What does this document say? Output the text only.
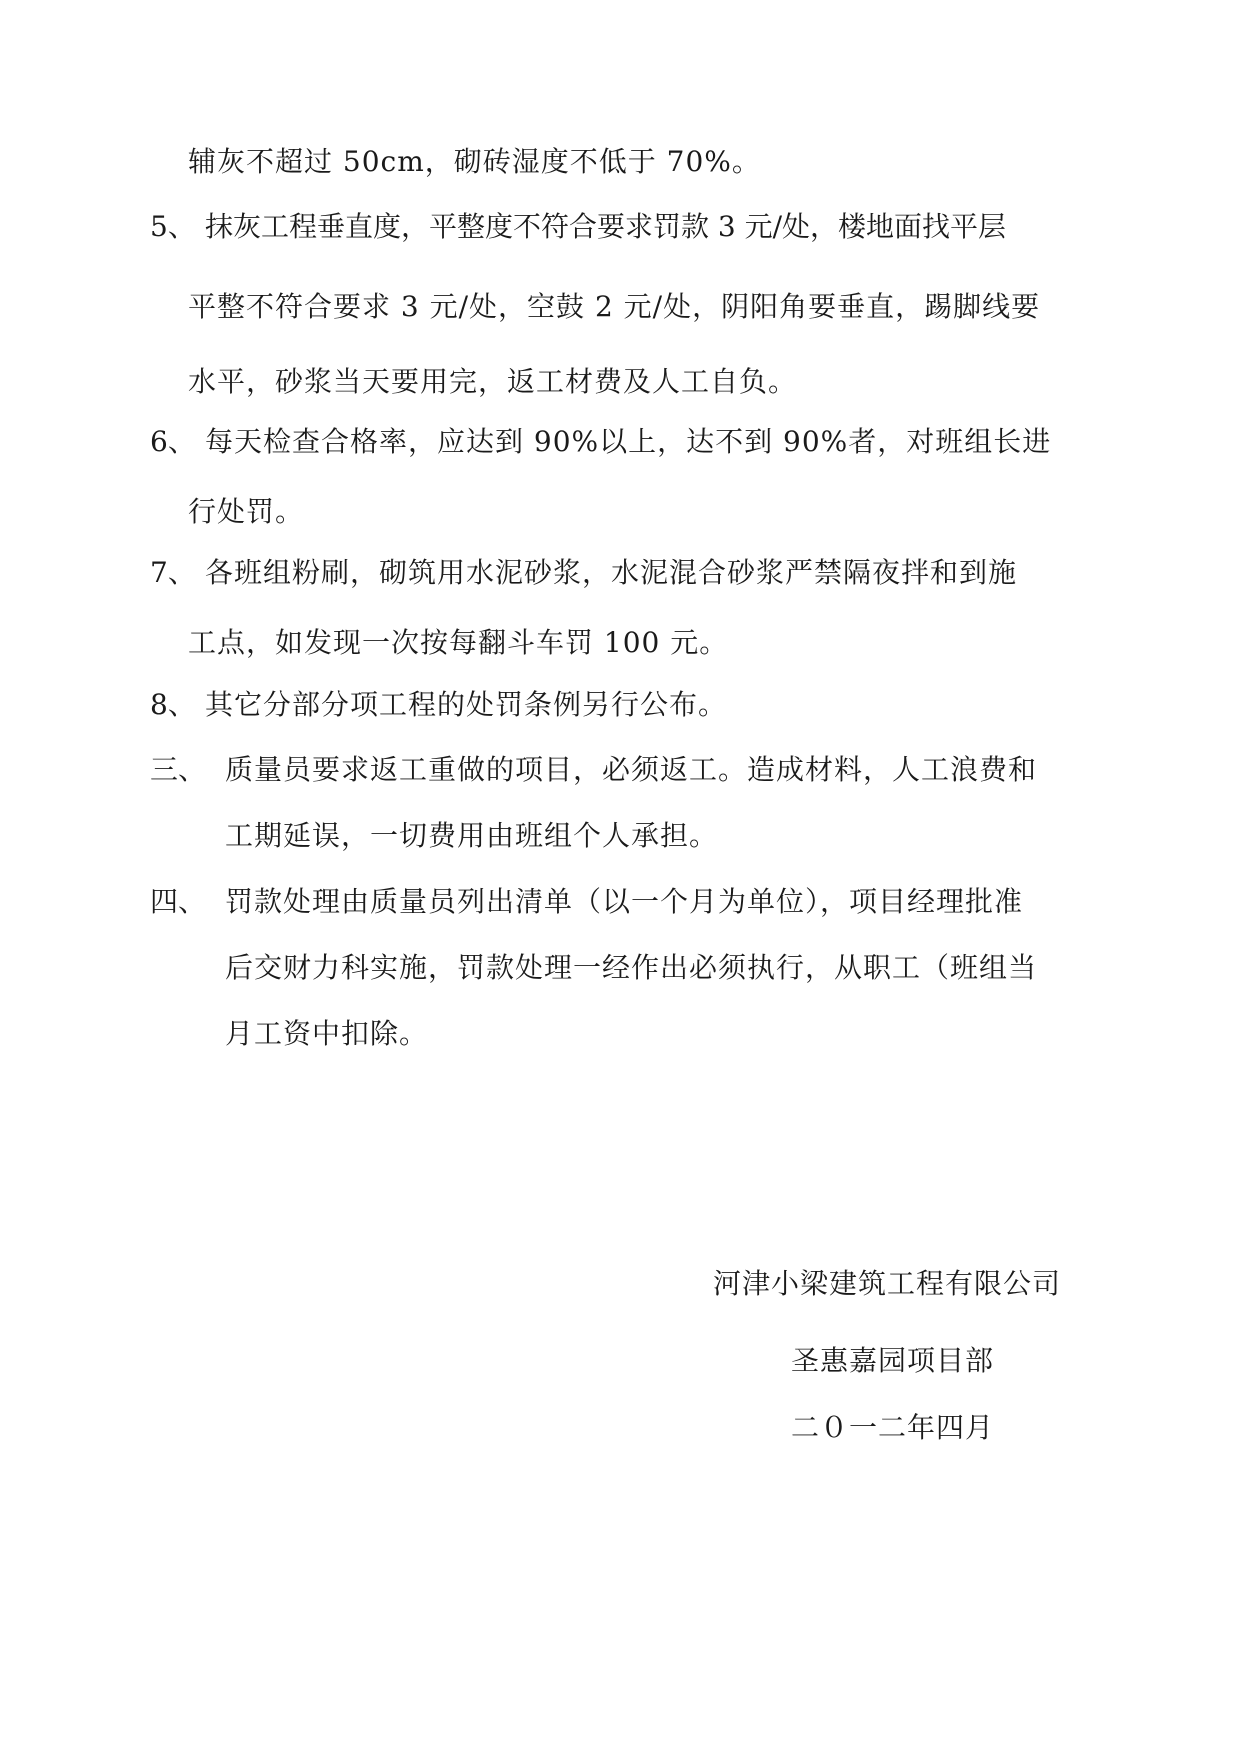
辅灰不超过 50cm，砌砖湿度不低于 70%。
5、 抹灰工程垂直度，平整度不符合要求罚款 3 元/处，楼地面找平层
平整不符合要求 3 元/处，空鼓 2 元/处，阴阳角要垂直，踢脚线要
水平，砂浆当天要用完，返工材费及人工自负。
6、 每天检查合格率，应达到 90%以上，达不到 90%者，对班组长进
行处罚。
7、 各班组粉刷，砌筑用水泥砂浆，水泥混合砂浆严禁隔夜拌和到施
工点，如发现一次按每翻斗车罚 100 元。
8、 其它分部分项工程的处罚条例另行公布。
三、 质量员要求返工重做的项目，必须返工。造成材料，人工浪费和
工期延误，一切费用由班组个人承担。
四、 罚款处理由质量员列出清单（以一个月为单位），项目经理批准
后交财力科实施，罚款处理一经作出必须执行，从职工（班组当
月工资中扣除。
河津小梁建筑工程有限公司
圣惠嘉园项目部
二０一二年四月
